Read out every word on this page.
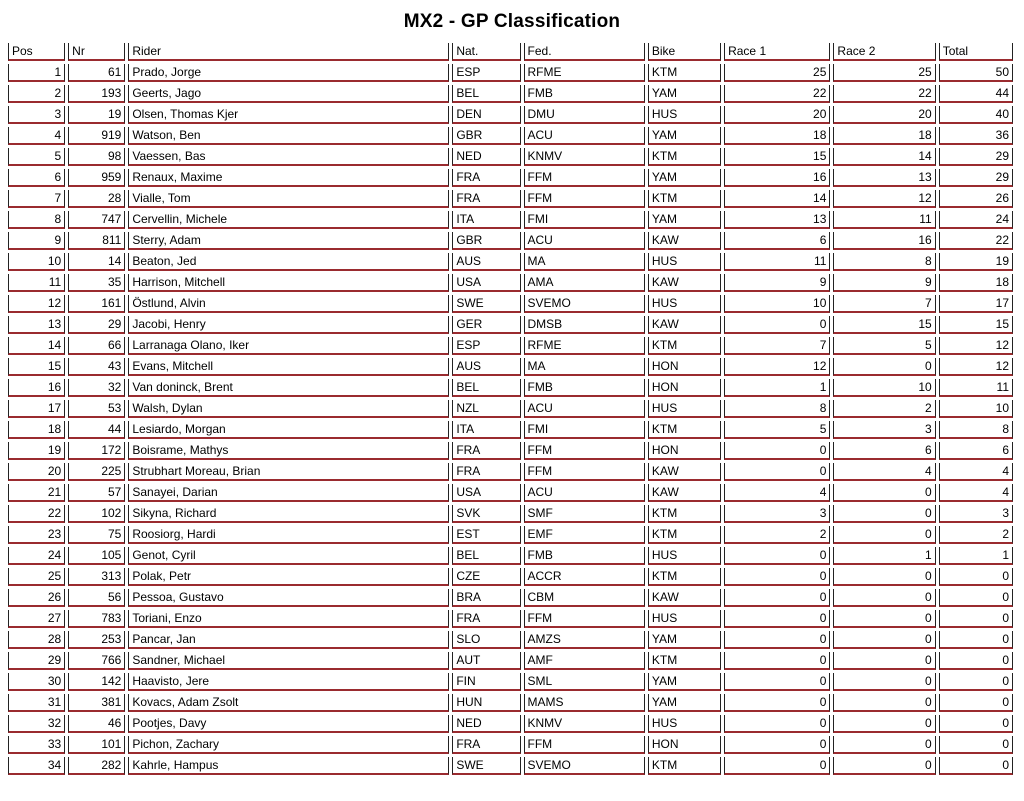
MX2 - GP Classification
Pos	Nr	Rider	Nat.	Fed.	Bike	Race 1	Race 2	Total
1	61	Prado, Jorge	ESP	RFME	KTM	25	25	50
2	193	Geerts, Jago	BEL	FMB	YAM	22	22	44
3	19	Olsen, Thomas Kjer	DEN	DMU	HUS	20	20	40
4	919	Watson, Ben	GBR	ACU	YAM	18	18	36
5	98	Vaessen, Bas	NED	KNMV	KTM	15	14	29
6	959	Renaux, Maxime	FRA	FFM	YAM	16	13	29
7	28	Vialle, Tom	FRA	FFM	KTM	14	12	26
8	747	Cervellin, Michele	ITA	FMI	YAM	13	11	24
9	811	Sterry, Adam	GBR	ACU	KAW	6	16	22
10	14	Beaton, Jed	AUS	MA	HUS	11	8	19
11	35	Harrison, Mitchell	USA	AMA	KAW	9	9	18
12	161	Östlund, Alvin	SWE	SVEMO	HUS	10	7	17
13	29	Jacobi, Henry	GER	DMSB	KAW	0	15	15
14	66	Larranaga Olano, Iker	ESP	RFME	KTM	7	5	12
15	43	Evans, Mitchell	AUS	MA	HON	12	0	12
16	32	Van doninck, Brent	BEL	FMB	HON	1	10	11
17	53	Walsh, Dylan	NZL	ACU	HUS	8	2	10
18	44	Lesiardo, Morgan	ITA	FMI	KTM	5	3	8
19	172	Boisrame, Mathys	FRA	FFM	HON	0	6	6
20	225	Strubhart Moreau, Brian	FRA	FFM	KAW	0	4	4
21	57	Sanayei, Darian	USA	ACU	KAW	4	0	4
22	102	Sikyna, Richard	SVK	SMF	KTM	3	0	3
23	75	Roosiorg, Hardi	EST	EMF	KTM	2	0	2
24	105	Genot, Cyril	BEL	FMB	HUS	0	1	1
25	313	Polak, Petr	CZE	ACCR	KTM	0	0	0
26	56	Pessoa, Gustavo	BRA	CBM	KAW	0	0	0
27	783	Toriani, Enzo	FRA	FFM	HUS	0	0	0
28	253	Pancar, Jan	SLO	AMZS	YAM	0	0	0
29	766	Sandner, Michael	AUT	AMF	KTM	0	0	0
30	142	Haavisto, Jere	FIN	SML	YAM	0	0	0
31	381	Kovacs, Adam Zsolt	HUN	MAMS	YAM	0	0	0
32	46	Pootjes, Davy	NED	KNMV	HUS	0	0	0
33	101	Pichon, Zachary	FRA	FFM	HON	0	0	0
34	282	Kahrle, Hampus	SWE	SVEMO	KTM	0	0	0
